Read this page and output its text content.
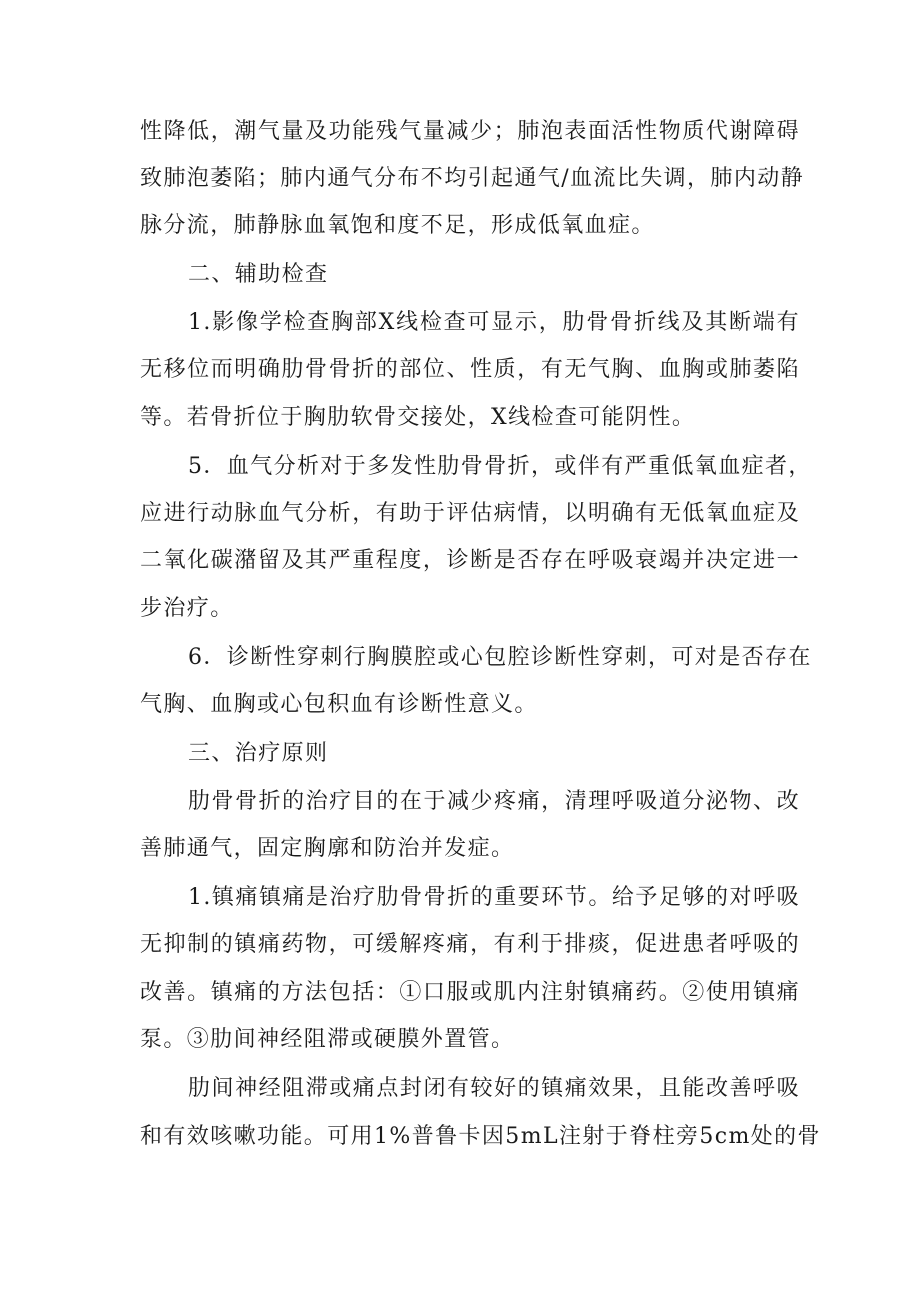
性降低，潮气量及功能残气量减少；肺泡表面活性物质代谢障碍
致肺泡萎陷；肺内通气分布不均引起通气/血流比失调，肺内动静
脉分流，肺静脉血氧饱和度不足，形成低氧血症。
二、辅助检查
1.影像学检查胸部X线检查可显示，肋骨骨折线及其断端有
无移位而明确肋骨骨折的部位、性质，有无气胸、血胸或肺萎陷
等。若骨折位于胸肋软骨交接处，X线检查可能阴性。
5．血气分析对于多发性肋骨骨折，或伴有严重低氧血症者，
应进行动脉血气分析，有助于评估病情，以明确有无低氧血症及
二氧化碳潴留及其严重程度，诊断是否存在呼吸衰竭并决定进一
步治疗。
6．诊断性穿刺行胸膜腔或心包腔诊断性穿刺，可对是否存在
气胸、血胸或心包积血有诊断性意义。
三、治疗原则
肋骨骨折的治疗目的在于减少疼痛，清理呼吸道分泌物、改
善肺通气，固定胸廓和防治并发症。
1.镇痛镇痛是治疗肋骨骨折的重要环节。给予足够的对呼吸
无抑制的镇痛药物，可缓解疼痛，有利于排痰，促进患者呼吸的
改善。镇痛的方法包括：①口服或肌内注射镇痛药。②使用镇痛
泵。③肋间神经阻滞或硬膜外置管。
肋间神经阻滞或痛点封闭有较好的镇痛效果，且能改善呼吸
和有效咳嗽功能。可用1%普鲁卡因5mL注射于脊柱旁5cm处的骨
